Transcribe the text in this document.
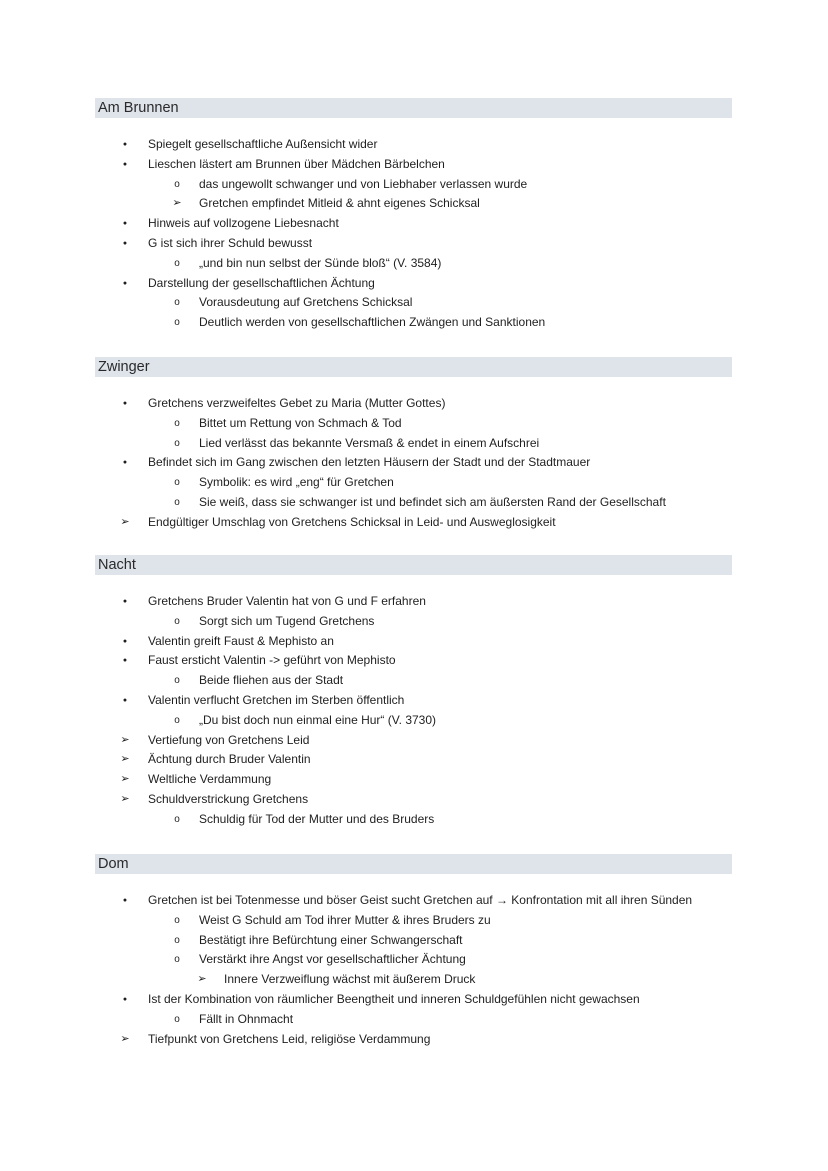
Am Brunnen
●
Spiegelt gesellschaftliche Außensicht wider
●
Lieschen lästert am Brunnen über Mädchen Bärbelchen
o
das ungewollt schwanger und von Liebhaber verlassen wurde
➢
Gretchen empfindet Mitleid & ahnt eigenes Schicksal
●
Hinweis auf vollzogene Liebesnacht
●
G ist sich ihrer Schuld bewusst
o
„und bin nun selbst der Sünde bloß“ (V. 3584)
●
Darstellung der gesellschaftlichen Ächtung
o
Vorausdeutung auf Gretchens Schicksal
o
Deutlich werden von gesellschaftlichen Zwängen und Sanktionen
Zwinger
●
Gretchens verzweifeltes Gebet zu Maria (Mutter Gottes)
o
Bittet um Rettung von Schmach & Tod
o
Lied verlässt das bekannte Versmaß & endet in einem Aufschrei
●
Befindet sich im Gang zwischen den letzten Häusern der Stadt und der Stadtmauer
o
Symbolik: es wird „eng“ für Gretchen
o
Sie weiß, dass sie schwanger ist und befindet sich am äußersten Rand der Gesellschaft
➢
Endgültiger Umschlag von Gretchens Schicksal in Leid- und Ausweglosigkeit
Nacht
●
Gretchens Bruder Valentin hat von G und F erfahren
o
Sorgt sich um Tugend Gretchens
●
Valentin greift Faust & Mephisto an
●
Faust ersticht Valentin -> geführt von Mephisto
o
Beide fliehen aus der Stadt
●
Valentin verflucht Gretchen im Sterben öffentlich
o
„Du bist doch nun einmal eine Hur“ (V. 3730)
➢
Vertiefung von Gretchens Leid
➢
Ächtung durch Bruder Valentin
➢
Weltliche Verdammung
➢
Schuldverstrickung Gretchens
o
Schuldig für Tod der Mutter und des Bruders
Dom
●
Gretchen ist bei Totenmesse und böser Geist sucht Gretchen auf → Konfrontation mit all ihren Sünden
o
Weist G Schuld am Tod ihrer Mutter & ihres Bruders zu
o
Bestätigt ihre Befürchtung einer Schwangerschaft
o
Verstärkt ihre Angst vor gesellschaftlicher Ächtung
➢
Innere Verzweiflung wächst mit äußerem Druck
●
Ist der Kombination von räumlicher Beengtheit und inneren Schuldgefühlen nicht gewachsen
o
Fällt in Ohnmacht
➢
Tiefpunkt von Gretchens Leid, religiöse Verdammung
